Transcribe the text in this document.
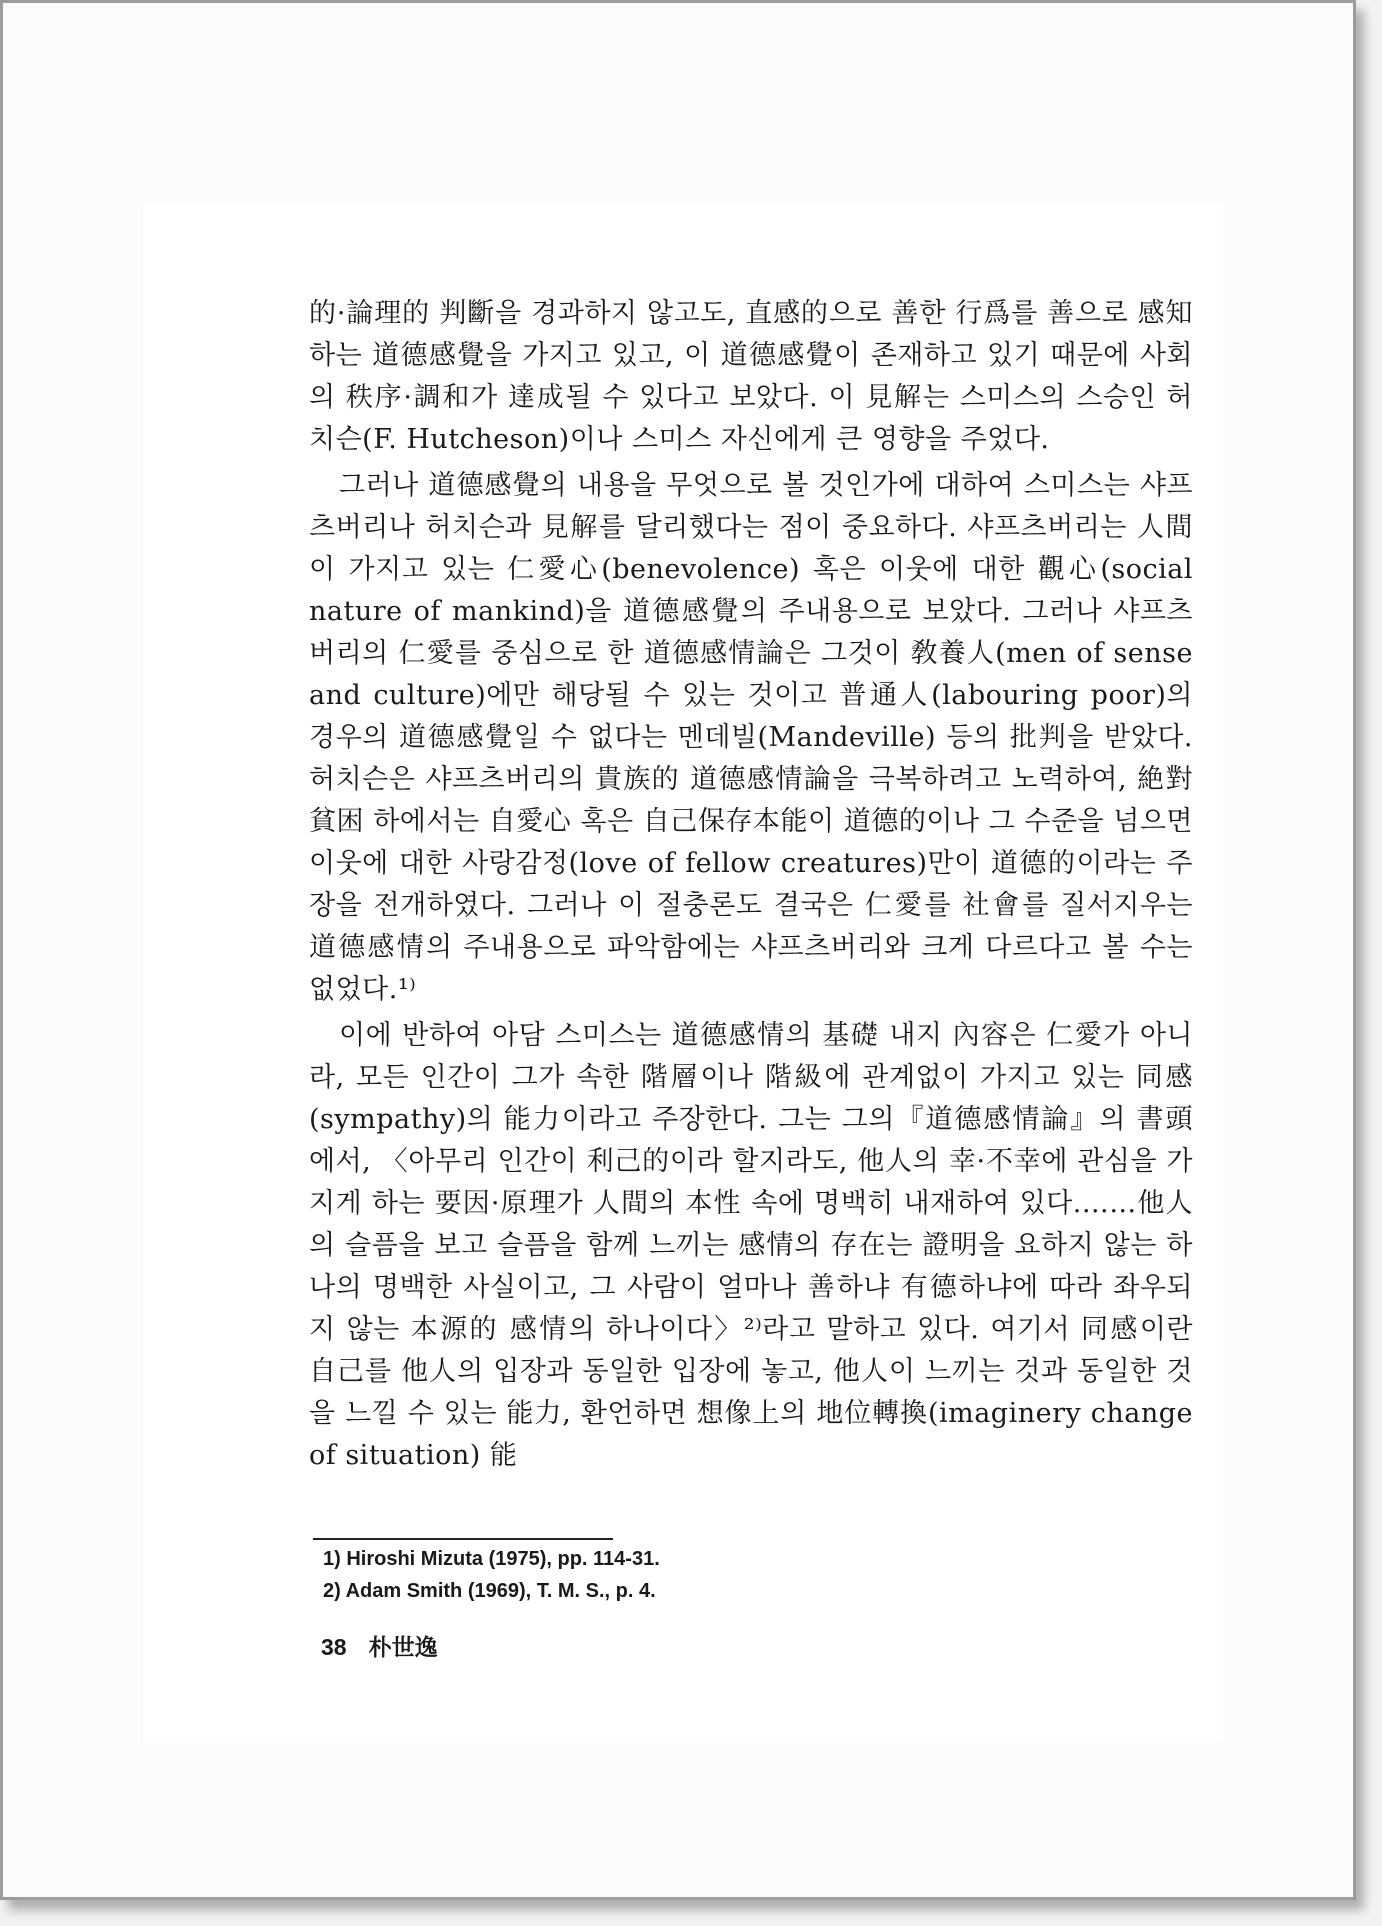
的·論理的 判斷을 경과하지 않고도, 直感的으로 善한 行爲를 善으로 感知하는 道德感覺을 가지고 있고, 이 道德感覺이 존재하고 있기 때문에 사회의 秩序·調和가 達成될 수 있다고 보았다. 이 見解는 스미스의 스승인 허치슨(F. Hutcheson)이나 스미스 자신에게 큰 영향을 주었다.

그러나 道德感覺의 내용을 무엇으로 볼 것인가에 대하여 스미스는 샤프츠버리나 허치슨과 見解를 달리했다는 점이 중요하다. 샤프츠버리는 人間이 가지고 있는 仁愛心(benevolence) 혹은 이웃에 대한 觀心(social nature of mankind)을 道德感覺의 주내용으로 보았다. 그러나 샤프츠버리의 仁愛를 중심으로 한 道德感情論은 그것이 敎養人(men of sense and culture)에만 해당될 수 있는 것이고 普通人(labouring poor)의 경우의 道德感覺일 수 없다는 멘데빌(Mandeville) 등의 批判을 받았다. 허치슨은 샤프츠버리의 貴族的 道德感情論을 극복하려고 노력하여, 絶對貧困 하에서는 自愛心 혹은 自己保存本能이 道德的이나 그 수준을 넘으면 이웃에 대한 사랑감정(love of fellow creatures)만이 道德的이라는 주장을 전개하였다. 그러나 이 절충론도 결국은 仁愛를 社會를 질서지우는 道德感情의 주내용으로 파악함에는 샤프츠버리와 크게 다르다고 볼 수는 없었다.¹⁾

이에 반하여 아담 스미스는 道德感情의 基礎 내지 內容은 仁愛가 아니라, 모든 인간이 그가 속한 階層이나 階級에 관계없이 가지고 있는 同感(sympathy)의 能力이라고 주장한다. 그는 그의『道德感情論』의 書頭에서, 〈아무리 인간이 利己的이라 할지라도, 他人의 幸·不幸에 관심을 가지게 하는 要因·原理가 人間의 本性 속에 명백히 내재하여 있다.……他人의 슬픔을 보고 슬픔을 함께 느끼는 感情의 存在는 證明을 요하지 않는 하나의 명백한 사실이고, 그 사람이 얼마나 善하냐 有德하냐에 따라 좌우되지 않는 本源的 感情의 하나이다〉²⁾라고 말하고 있다. 여기서 同感이란 自己를 他人의 입장과 동일한 입장에 놓고, 他人이 느끼는 것과 동일한 것을 느낄 수 있는 能力, 환언하면 想像上의 地位轉換(imaginery change of situation) 能

1) Hiroshi Mizuta (1975), pp. 114-31.
2) Adam Smith (1969), T. M. S., p. 4.
38 朴世逸
